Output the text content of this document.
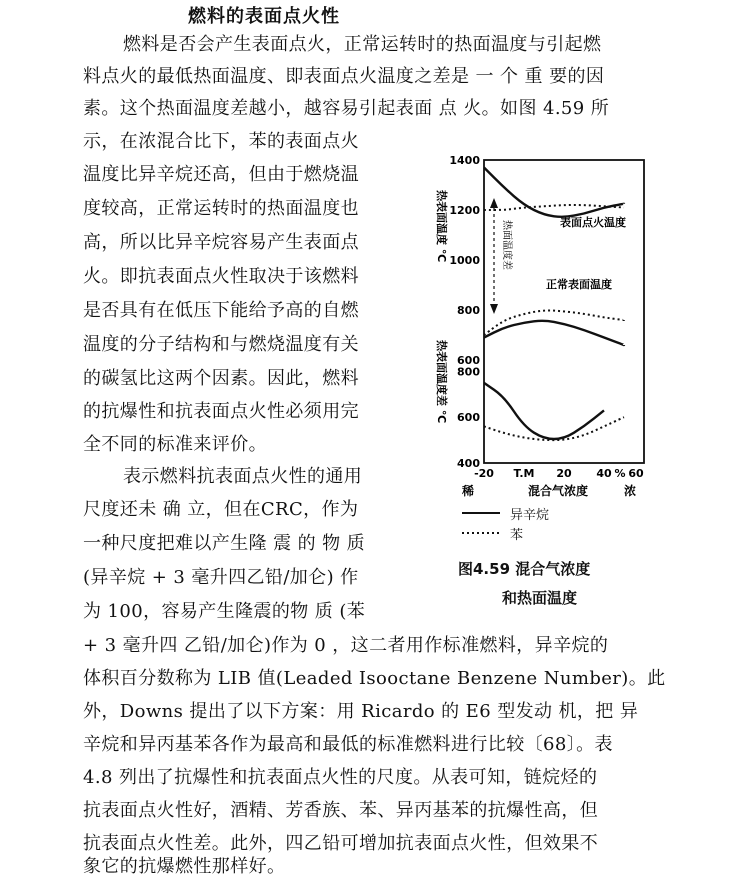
燃料的表面点火性
燃料是否会产生表面点火，正常运转时的热面温度与引起燃
料点火的最低热面温度、即表面点火温度之差是 一 个 重 要的因
素。这个热面温度差越小，越容易引起表面 点 火。如图 4.59 所
示，在浓混合比下，苯的表面点火
温度比异辛烷还高，但由于燃烧温
度较高，正常运转时的热面温度也
高，所以比异辛烷容易产生表面点
火。即抗表面点火性取决于该燃料
是否具有在低压下能给予高的自燃
温度的分子结构和与燃烧温度有关
的碳氢比这两个因素。因此，燃料
的抗爆性和抗表面点火性必须用完
全不同的标准来评价。
表示燃料抗表面点火性的通用
尺度还未 确 立，但在CRC，作为
一种尺度把难以产生隆 震 的 物 质
(异辛烷 + 3 毫升四乙铅/加仑) 作
为 100，容易产生隆震的物 质 (苯
+ 3 毫升四 乙铅/加仑)作为 0 ，这二者用作标准燃料，异辛烷的
体积百分数称为 LIB 值(Leaded Isooctane Benzene Number)。此
外，Downs 提出了以下方案：用 Ricardo 的 E6 型发动 机，把 异
辛烷和异丙基苯各作为最高和最低的标准燃料进行比较〔68〕。表
4.8 列出了抗爆性和抗表面点火性的尺度。从表可知，链烷烃的
抗表面点火性好，酒精、芳香族、苯、异丙基苯的抗爆性高，但
抗表面点火性差。此外，四乙铅可增加抗表面点火性，但效果不
象它的抗爆燃性那样好。
热面温度差	表面点火温度
正常表面温度
1400
1200
1000
800
600
800
600
400
-20 T.M 20 40 % 60
热表面温度 ℃
热表面温度差 ℃
稀	混合气浓度	浓
异辛烷
苯
图4.59 混合气浓度
和热面温度
